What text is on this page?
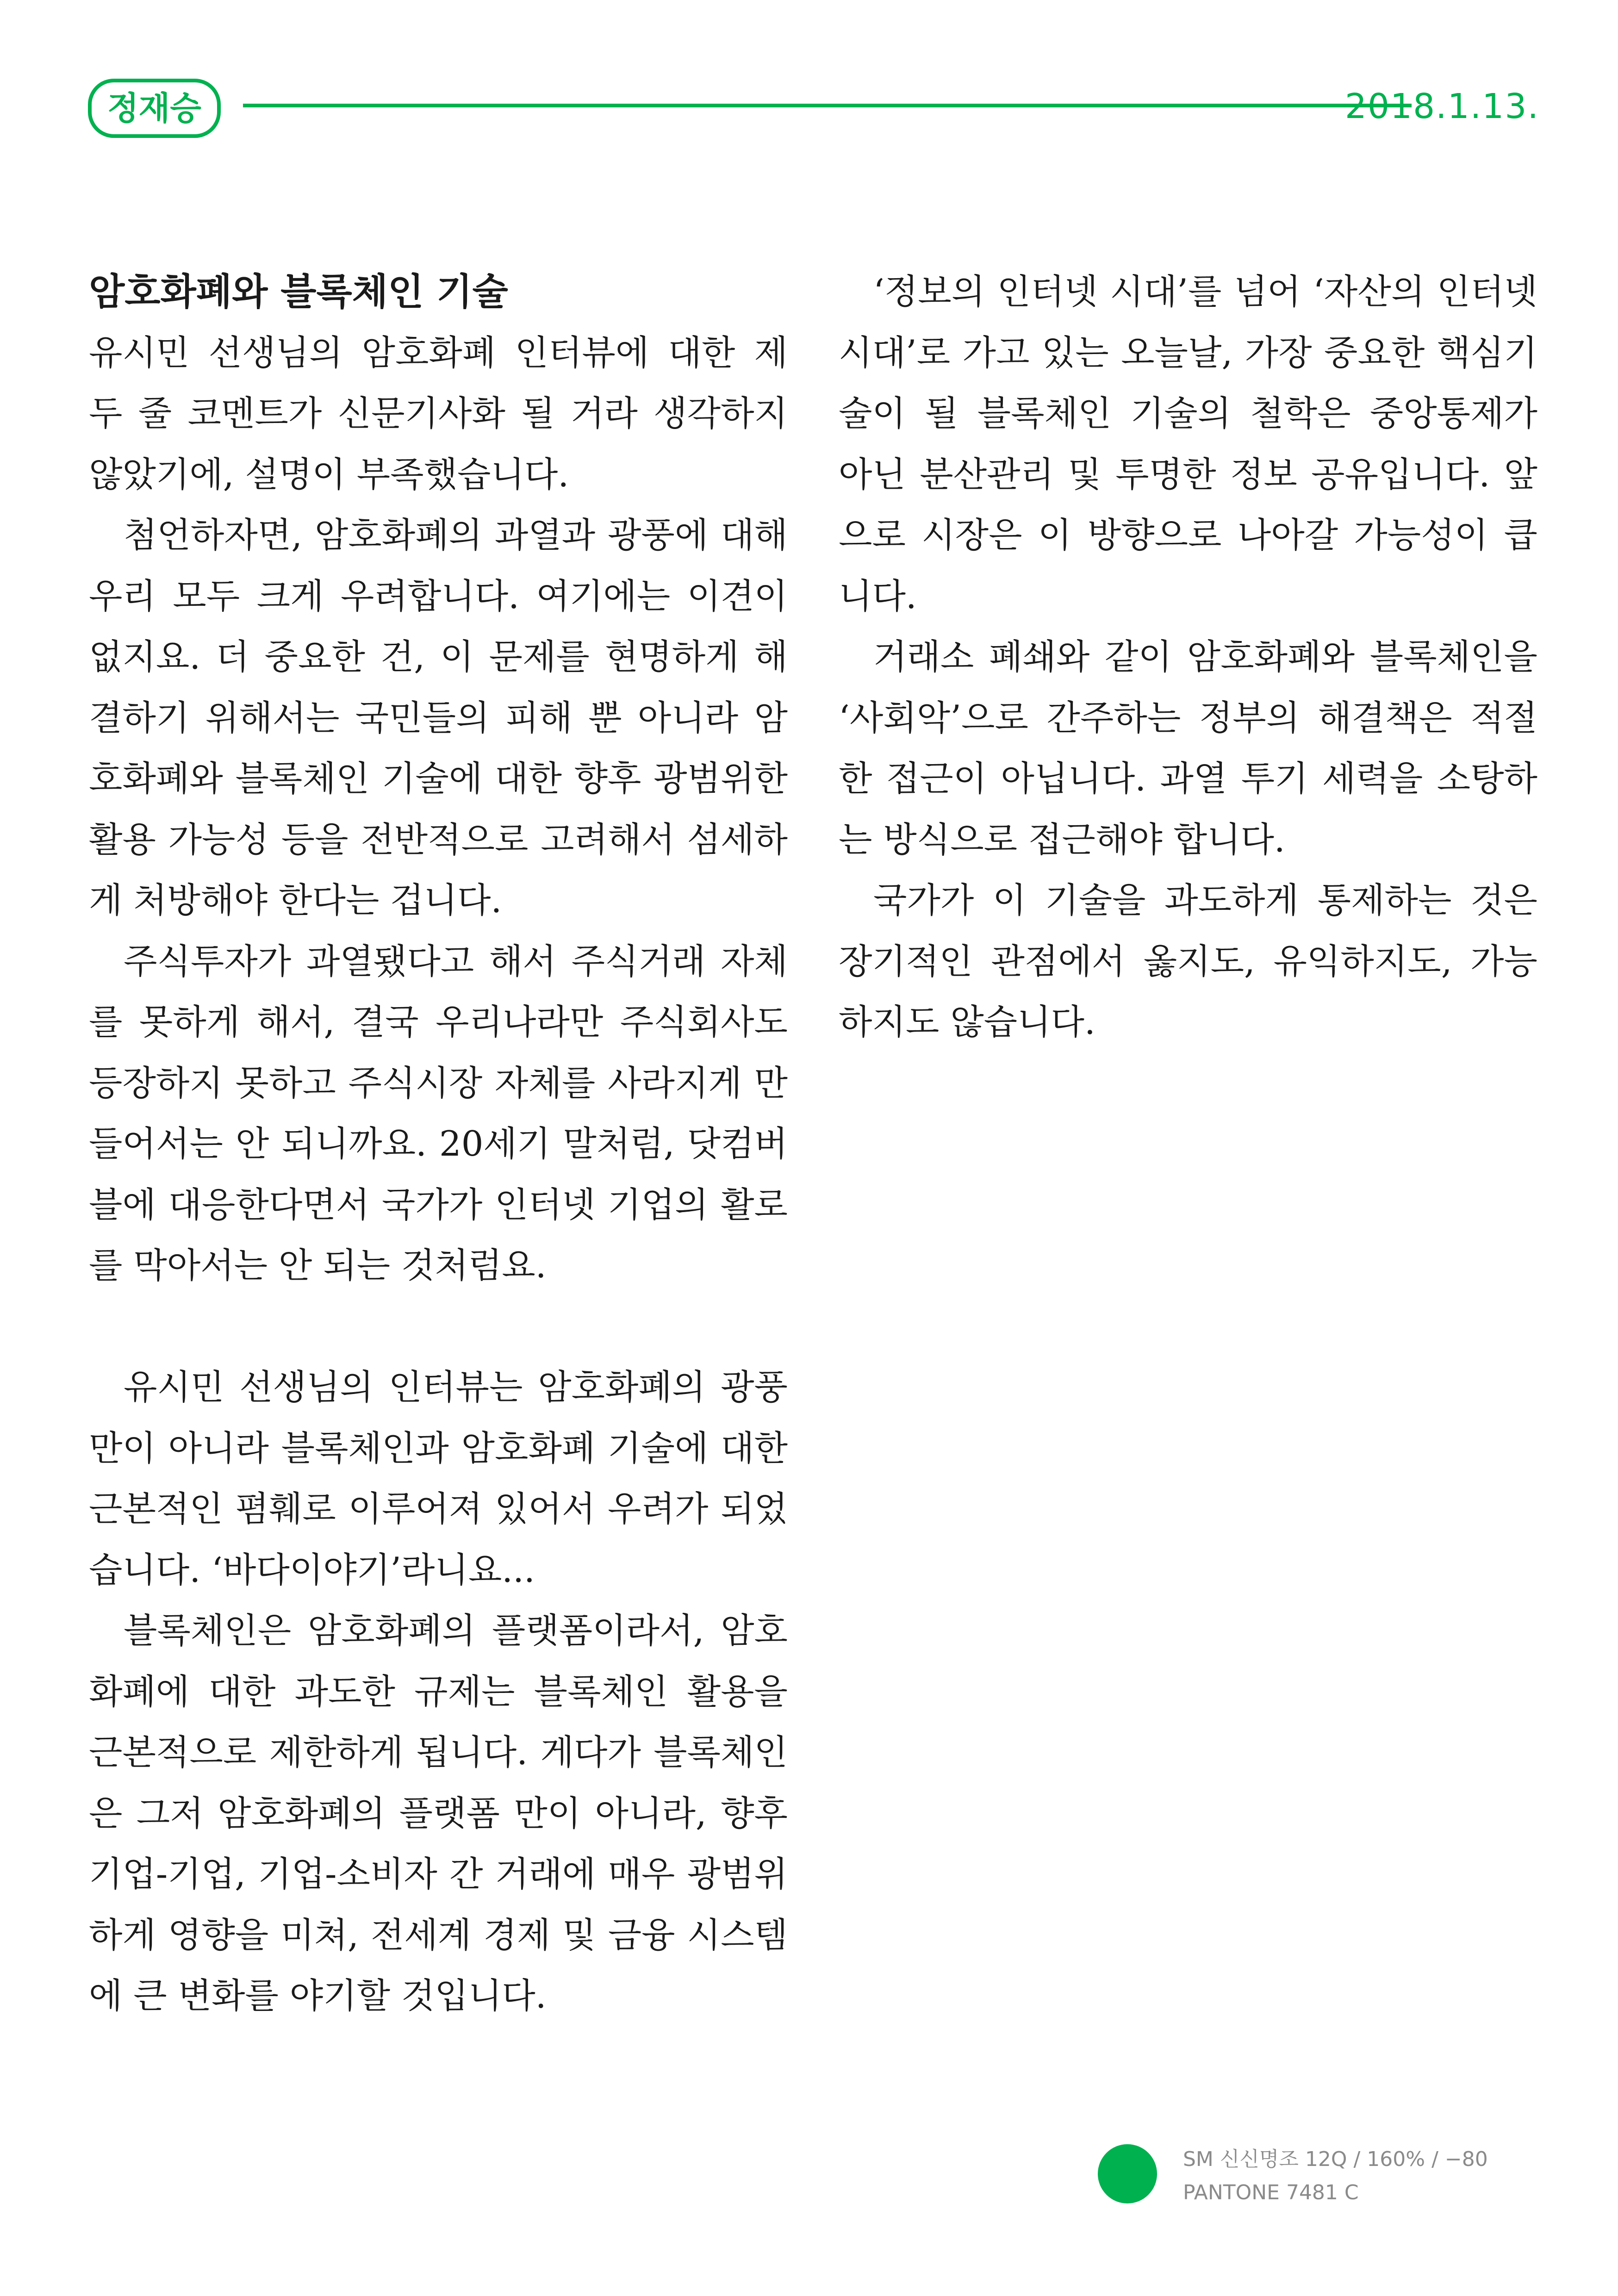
정재승	2018.1.13.

암호화폐와 블록체인 기술

유시민 선생님의 암호화폐 인터뷰에 대한 제 두 줄 코멘트가 신문기사화 될 거라 생각하지 않았기에, 설명이 부족했습니다.

첨언하자면, 암호화폐의 과열과 광풍에 대해 우리 모두 크게 우려합니다. 여기에는 이견이 없지요. 더 중요한 건, 이 문제를 현명하게 해결하기 위해서는 국민들의 피해 뿐 아니라 암호화폐와 블록체인 기술에 대한 향후 광범위한 활용 가능성 등을 전반적으로 고려해서 섬세하게 처방해야 한다는 겁니다.

주식투자가 과열됐다고 해서 주식거래 자체를 못하게 해서, 결국 우리나라만 주식회사도 등장하지 못하고 주식시장 자체를 사라지게 만들어서는 안 되니까요. 20세기 말처럼, 닷컴버블에 대응한다면서 국가가 인터넷 기업의 활로를 막아서는 안 되는 것처럼요.

유시민 선생님의 인터뷰는 암호화폐의 광풍만이 아니라 블록체인과 암호화폐 기술에 대한 근본적인 폄훼로 이루어져 있어서 우려가 되었습니다. ‘바다이야기’라니요...

블록체인은 암호화폐의 플랫폼이라서, 암호화폐에 대한 과도한 규제는 블록체인 활용을 근본적으로 제한하게 됩니다. 게다가 블록체인은 그저 암호화폐의 플랫폼 만이 아니라, 향후 기업-기업, 기업-소비자 간 거래에 매우 광범위하게 영향을 미쳐, 전세계 경제 및 금융 시스템에 큰 변화를 야기할 것입니다.

‘정보의 인터넷 시대’를 넘어 ‘자산의 인터넷 시대’로 가고 있는 오늘날, 가장 중요한 핵심기술이 될 블록체인 기술의 철학은 중앙통제가 아닌 분산관리 및 투명한 정보 공유입니다. 앞으로 시장은 이 방향으로 나아갈 가능성이 큽니다.

거래소 폐쇄와 같이 암호화폐와 블록체인을 ‘사회악’으로 간주하는 정부의 해결책은 적절한 접근이 아닙니다. 과열 투기 세력을 소탕하는 방식으로 접근해야 합니다.

국가가 이 기술을 과도하게 통제하는 것은 장기적인 관점에서 옳지도, 유익하지도, 가능하지도 않습니다.

SM 신신명조 12Q / 160% / −80
PANTONE 7481 C
